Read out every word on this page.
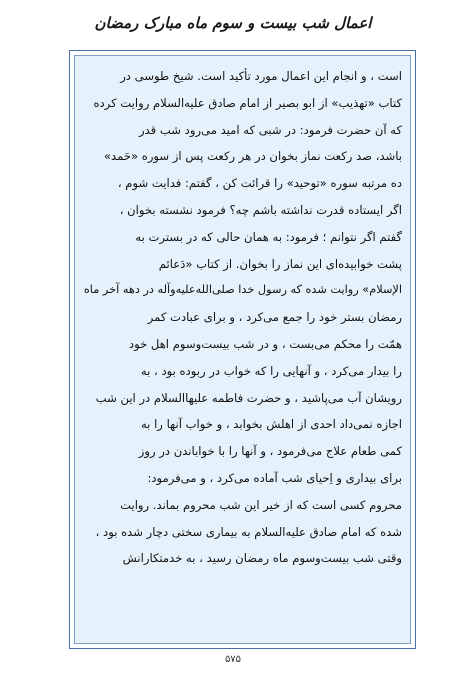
اعمال شب بیست و سوم ماه مبارک رمضان
است ، و انجام این اعمال مورد تأکید است. شیخ طوسی در
کتاب «تهذیب» از ابو بصیر از امام صادق علیه‌السلام روایت کرده
که آن حضرت فرمود: در شبی که امید می‌رود شب قدر
باشد، صد رکعت نماز بخوان در هر رکعت پس از سوره «حَمد»
ده مرتبه سوره «توحید» را قرائت کن ، گفتم: فدایت شوم ،
اگر ایستاده قدرت نداشته باشم چه؟ فرمود نشسته بخوان ،
گفتم اگر نتوانم ؛ فرمود: به همان حالی که در بسترت به
پشت خوابیده‌ای این نماز را بخوان. از کتاب «دَعائم
الإسلام» روایت شده که رسول خدا صلی‌الله‌علیه‌وآله در دهه آخر ماه
رمضان بستر خود را جمع می‌کرد ، و برای عبادت کمر
همّت را محکم می‌بست ، و در شب بیست‌وسوم اهل خود
را بیدار می‌کرد ، و آنهایی را که خواب در ربوده بود ، به
رویشان آب می‌پاشید ، و حضرت فاطمه علیهاالسلام در این شب
اجازه نمی‌داد احدی از اهلش بخوابد ، و خواب آنها را به
کمی طعام علاج می‌فرمود ، و آنها را با خواباندن در روز
برای بیداری و اِحیای شب آماده می‌کرد ، و می‌فرمود:
محروم کسی است که از خیر این شب محروم بماند. روایت
شده که امام صادق علیه‌السلام به بیماری سختی دچار شده بود ،
وقتی شب بیست‌وسوم ماه رمضان رسید ، به خدمتکارانش
۵۷۵
